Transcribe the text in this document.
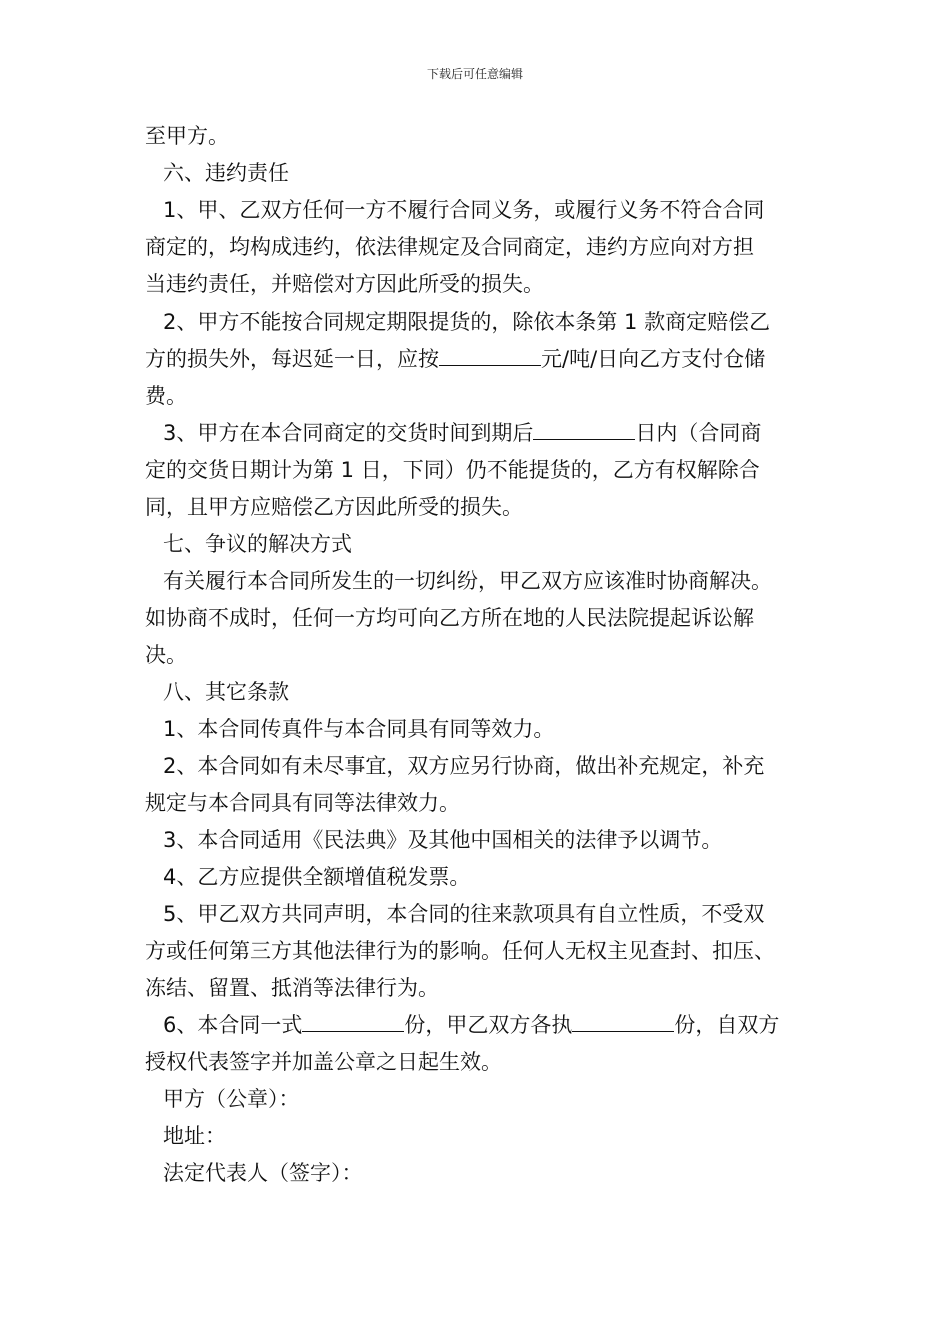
下载后可任意编辑
至甲方。
六、违约责任
1、甲、乙双方任何一方不履行合同义务，或履行义务不符合合同
商定的，均构成违约，依法律规定及合同商定，违约方应向对方担
当违约责任，并赔偿对方因此所受的损失。
2、甲方不能按合同规定期限提货的，除依本条第 1 款商定赔偿乙
方的损失外，每迟延一日，应按	元/吨/日向乙方支付仓储
费。
3、甲方在本合同商定的交货时间到期后	日内（合同商
定的交货日期计为第 1 日，下同）仍不能提货的，乙方有权解除合
同，且甲方应赔偿乙方因此所受的损失。
七、争议的解决方式
有关履行本合同所发生的一切纠纷，甲乙双方应该准时协商解决。
如协商不成时，任何一方均可向乙方所在地的人民法院提起诉讼解
决。
八、其它条款
1、本合同传真件与本合同具有同等效力。
2、本合同如有未尽事宜，双方应另行协商，做出补充规定，补充
规定与本合同具有同等法律效力。
3、本合同适用《民法典》及其他中国相关的法律予以调节。
4、乙方应提供全额增值税发票。
5、甲乙双方共同声明，本合同的往来款项具有自立性质，不受双
方或任何第三方其他法律行为的影响。任何人无权主见查封、扣压、
冻结、留置、抵消等法律行为。
6、本合同一式	份，甲乙双方各执	份，自双方
授权代表签字并加盖公章之日起生效。
甲方（公章）：
地址：
法定代表人（签字）：
